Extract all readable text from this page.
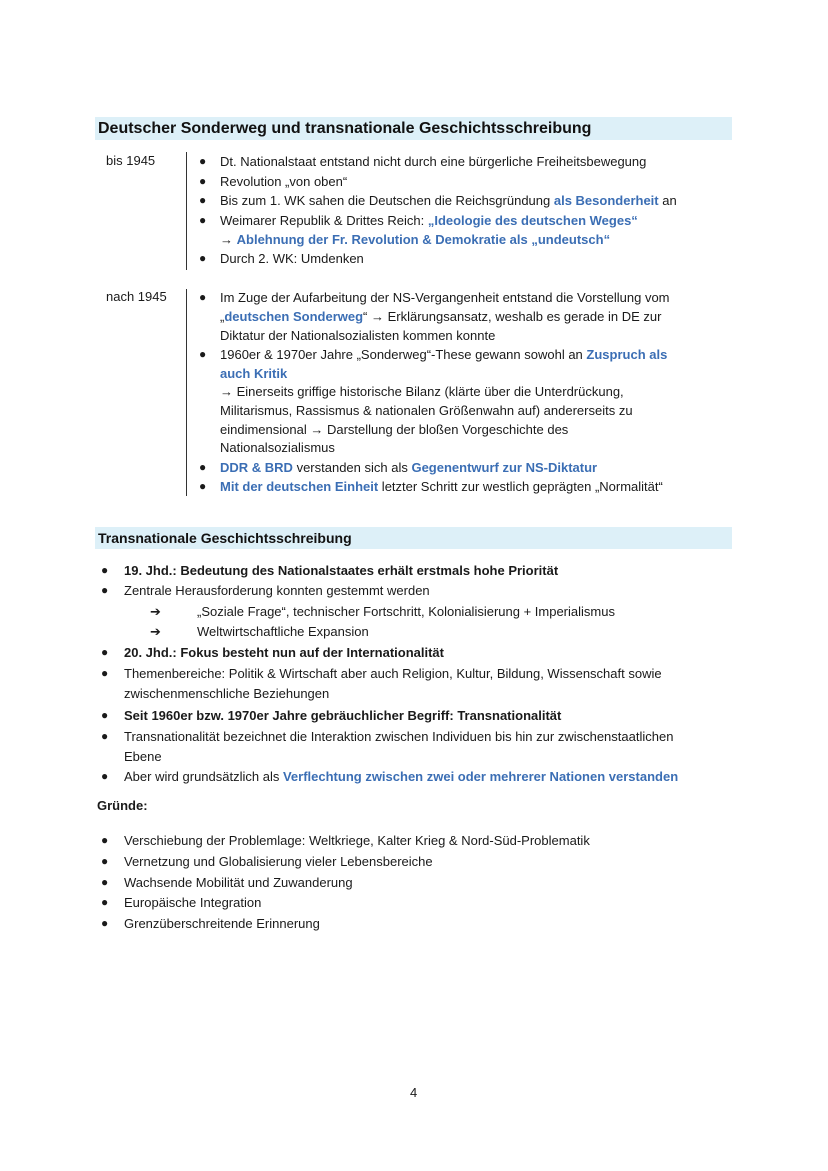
Deutscher Sonderweg und transnationale Geschichtsschreibung
bis 1945	● Dt. Nationalstaat entstand nicht durch eine bürgerliche Freiheitsbewegung
● Revolution „von oben“
● Bis zum 1. WK sahen die Deutschen die Reichsgründung als Besonderheit an
● Weimarer Republik & Drittes Reich: „Ideologie des deutschen Weges“
→ Ablehnung der Fr. Revolution & Demokratie als „undeutsch“
● Durch 2. WK: Umdenken
nach 1945	● Im Zuge der Aufarbeitung der NS-Vergangenheit entstand die Vorstellung vom
„deutschen Sonderweg“ → Erklärungsansatz, weshalb es gerade in DE zur
Diktatur der Nationalsozialisten kommen konnte
● 1960er & 1970er Jahre „Sonderweg“-These gewann sowohl an Zuspruch als
auch Kritik
→ Einerseits griffige historische Bilanz (klärte über die Unterdrückung,
Militarismus, Rassismus & nationalen Größenwahn auf) andererseits zu
eindimensional → Darstellung der bloßen Vorgeschichte des
Nationalsozialismus
● DDR & BRD verstanden sich als Gegenentwurf zur NS-Diktatur
● Mit der deutschen Einheit letzter Schritt zur westlich geprägten „Normalität“
Transnationale Geschichtsschreibung
● 19. Jhd.: Bedeutung des Nationalstaates erhält erstmals hohe Priorität
● Zentrale Herausforderung konnten gestemmt werden
➔	„Soziale Frage“, technischer Fortschritt, Kolonialisierung + Imperialismus
➔	Weltwirtschaftliche Expansion
● 20. Jhd.: Fokus besteht nun auf der Internationalität
● Themenbereiche: Politik & Wirtschaft aber auch Religion, Kultur, Bildung, Wissenschaft sowie
zwischenmenschliche Beziehungen
● Seit 1960er bzw. 1970er Jahre gebräuchlicher Begriff: Transnationalität
● Transnationalität bezeichnet die Interaktion zwischen Individuen bis hin zur zwischenstaatlichen
Ebene
● Aber wird grundsätzlich als Verflechtung zwischen zwei oder mehrerer Nationen verstanden
Gründe:
● Verschiebung der Problemlage: Weltkriege, Kalter Krieg & Nord-Süd-Problematik
● Vernetzung und Globalisierung vieler Lebensbereiche
● Wachsende Mobilität und Zuwanderung
● Europäische Integration
● Grenzüberschreitende Erinnerung
4
